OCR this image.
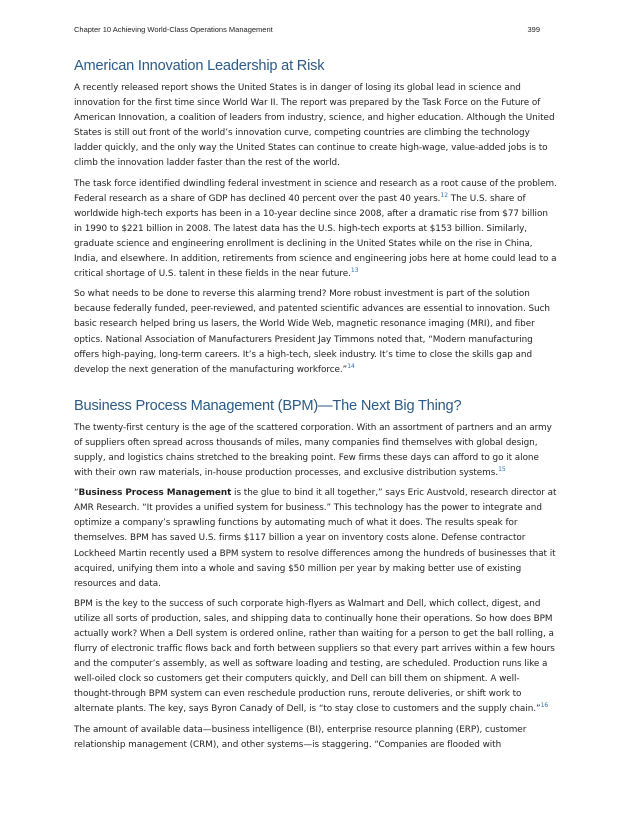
Chapter 10 Achieving World-Class Operations Management	399
American Innovation Leadership at Risk

A recently released report shows the United States is in danger of losing its global lead in science and innovation for the first time since World War II. The report was prepared by the Task Force on the Future of American Innovation, a coalition of leaders from industry, science, and higher education. Although the United States is still out front of the world’s innovation curve, competing countries are climbing the technology ladder quickly, and the only way the United States can continue to create high-wage, value-added jobs is to climb the innovation ladder faster than the rest of the world.

The task force identified dwindling federal investment in science and research as a root cause of the problem. Federal research as a share of GDP has declined 40 percent over the past 40 years.$^{12}$ The U.S. share of worldwide high-tech exports has been in a 10-year decline since 2008, after a dramatic rise from $77 billion in 1990 to $221 billion in 2008. The latest data has the U.S. high-tech exports at $153 billion. Similarly, graduate science and engineering enrollment is declining in the United States while on the rise in China, India, and elsewhere. In addition, retirements from science and engineering jobs here at home could lead to a critical shortage of U.S. talent in these fields in the near future.$^{13}$

So what needs to be done to reverse this alarming trend? More robust investment is part of the solution because federally funded, peer-reviewed, and patented scientific advances are essential to innovation. Such basic research helped bring us lasers, the World Wide Web, magnetic resonance imaging (MRI), and fiber optics. National Association of Manufacturers President Jay Timmons noted that, “Modern manufacturing offers high-paying, long-term careers. It’s a high-tech, sleek industry. It’s time to close the skills gap and develop the next generation of the manufacturing workforce.”$^{14}$

Business Process Management (BPM)—The Next Big Thing?

The twenty-first century is the age of the scattered corporation. With an assortment of partners and an army of suppliers often spread across thousands of miles, many companies find themselves with global design, supply, and logistics chains stretched to the breaking point. Few firms these days can afford to go it alone with their own raw materials, in-house production processes, and exclusive distribution systems.$^{15}$

“Business Process Management is the glue to bind it all together,” says Eric Austvold, research director at AMR Research. “It provides a unified system for business.” This technology has the power to integrate and optimize a company’s sprawling functions by automating much of what it does. The results speak for themselves. BPM has saved U.S. firms $117 billion a year on inventory costs alone. Defense contractor Lockheed Martin recently used a BPM system to resolve differences among the hundreds of businesses that it acquired, unifying them into a whole and saving $50 million per year by making better use of existing resources and data.

BPM is the key to the success of such corporate high-flyers as Walmart and Dell, which collect, digest, and utilize all sorts of production, sales, and shipping data to continually hone their operations. So how does BPM actually work? When a Dell system is ordered online, rather than waiting for a person to get the ball rolling, a flurry of electronic traffic flows back and forth between suppliers so that every part arrives within a few hours and the computer’s assembly, as well as software loading and testing, are scheduled. Production runs like a well-oiled clock so customers get their computers quickly, and Dell can bill them on shipment. A well-thought-through BPM system can even reschedule production runs, reroute deliveries, or shift work to alternate plants. The key, says Byron Canady of Dell, is “to stay close to customers and the supply chain.”$^{16}$

The amount of available data—business intelligence (BI), enterprise resource planning (ERP), customer relationship management (CRM), and other systems—is staggering. “Companies are flooded with
